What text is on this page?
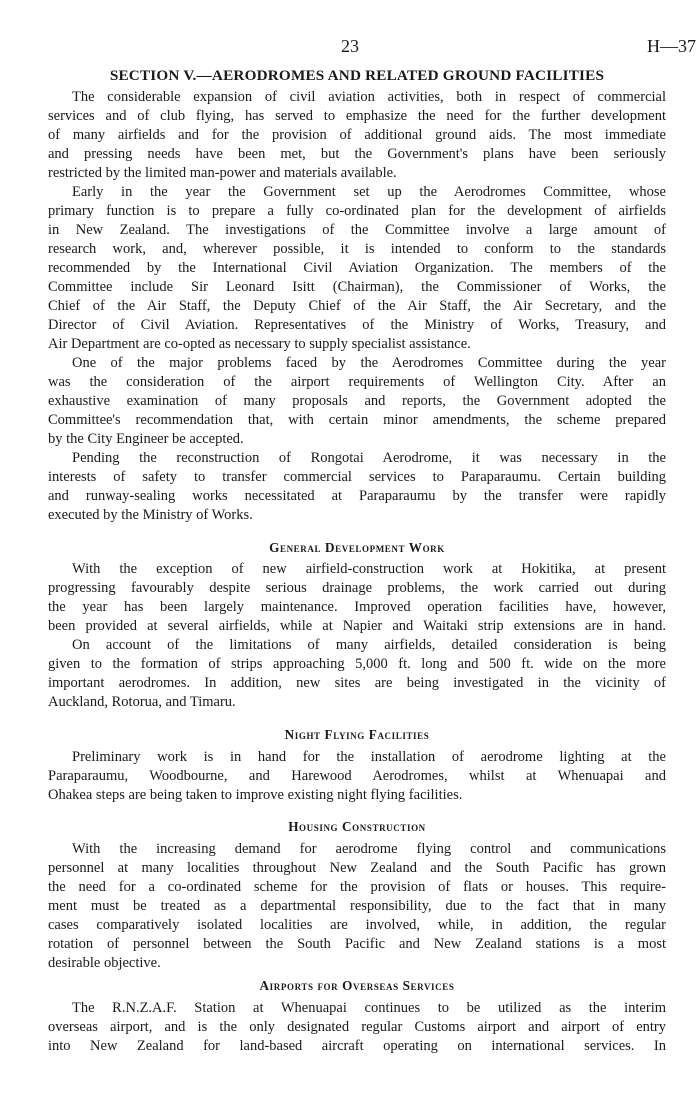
23	H—37
SECTION V.—AERODROMES AND RELATED GROUND FACILITIES

The considerable expansion of civil aviation activities, both in respect of commercial
services and of club flying, has served to emphasize the need for the further development
of many airfields and for the provision of additional ground aids. The most immediate
and pressing needs have been met, but the Government's plans have been seriously
restricted by the limited man-power and materials available.

Early in the year the Government set up the Aerodromes Committee, whose
primary function is to prepare a fully co-ordinated plan for the development of airfields
in New Zealand. The investigations of the Committee involve a large amount of
research work, and, wherever possible, it is intended to conform to the standards
recommended by the International Civil Aviation Organization. The members of the
Committee include Sir Leonard Isitt (Chairman), the Commissioner of Works, the
Chief of the Air Staff, the Deputy Chief of the Air Staff, the Air Secretary, and the
Director of Civil Aviation. Representatives of the Ministry of Works, Treasury, and
Air Department are co-opted as necessary to supply specialist assistance.

One of the major problems faced by the Aerodromes Committee during the year
was the consideration of the airport requirements of Wellington City. After an
exhaustive examination of many proposals and reports, the Government adopted the
Committee's recommendation that, with certain minor amendments, the scheme prepared
by the City Engineer be accepted.

Pending the reconstruction of Rongotai Aerodrome, it was necessary in the
interests of safety to transfer commercial services to Paraparaumu. Certain building
and runway-sealing works necessitated at Paraparaumu by the transfer were rapidly
executed by the Ministry of Works.

General Development Work

With the exception of new airfield-construction work at Hokitika, at present
progressing favourably despite serious drainage problems, the work carried out during
the year has been largely maintenance. Improved operation facilities have, however,
been provided at several airfields, while at Napier and Waitaki strip extensions are in hand.

On account of the limitations of many airfields, detailed consideration is being
given to the formation of strips approaching 5,000 ft. long and 500 ft. wide on the more
important aerodromes. In addition, new sites are being investigated in the vicinity of
Auckland, Rotorua, and Timaru.

Night Flying Facilities

Preliminary work is in hand for the installation of aerodrome lighting at the
Paraparaumu, Woodbourne, and Harewood Aerodromes, whilst at Whenuapai and
Ohakea steps are being taken to improve existing night flying facilities.

Housing Construction

With the increasing demand for aerodrome flying control and communications
personnel at many localities throughout New Zealand and the South Pacific has grown
the need for a co-ordinated scheme for the provision of flats or houses. This require-
ment must be treated as a departmental responsibility, due to the fact that in many
cases comparatively isolated localities are involved, while, in addition, the regular
rotation of personnel between the South Pacific and New Zealand stations is a most
desirable objective.

Airports for Overseas Services

The R.N.Z.A.F. Station at Whenuapai continues to be utilized as the interim
overseas airport, and is the only designated regular Customs airport and airport of entry
into New Zealand for land-based aircraft operating on international services. In
